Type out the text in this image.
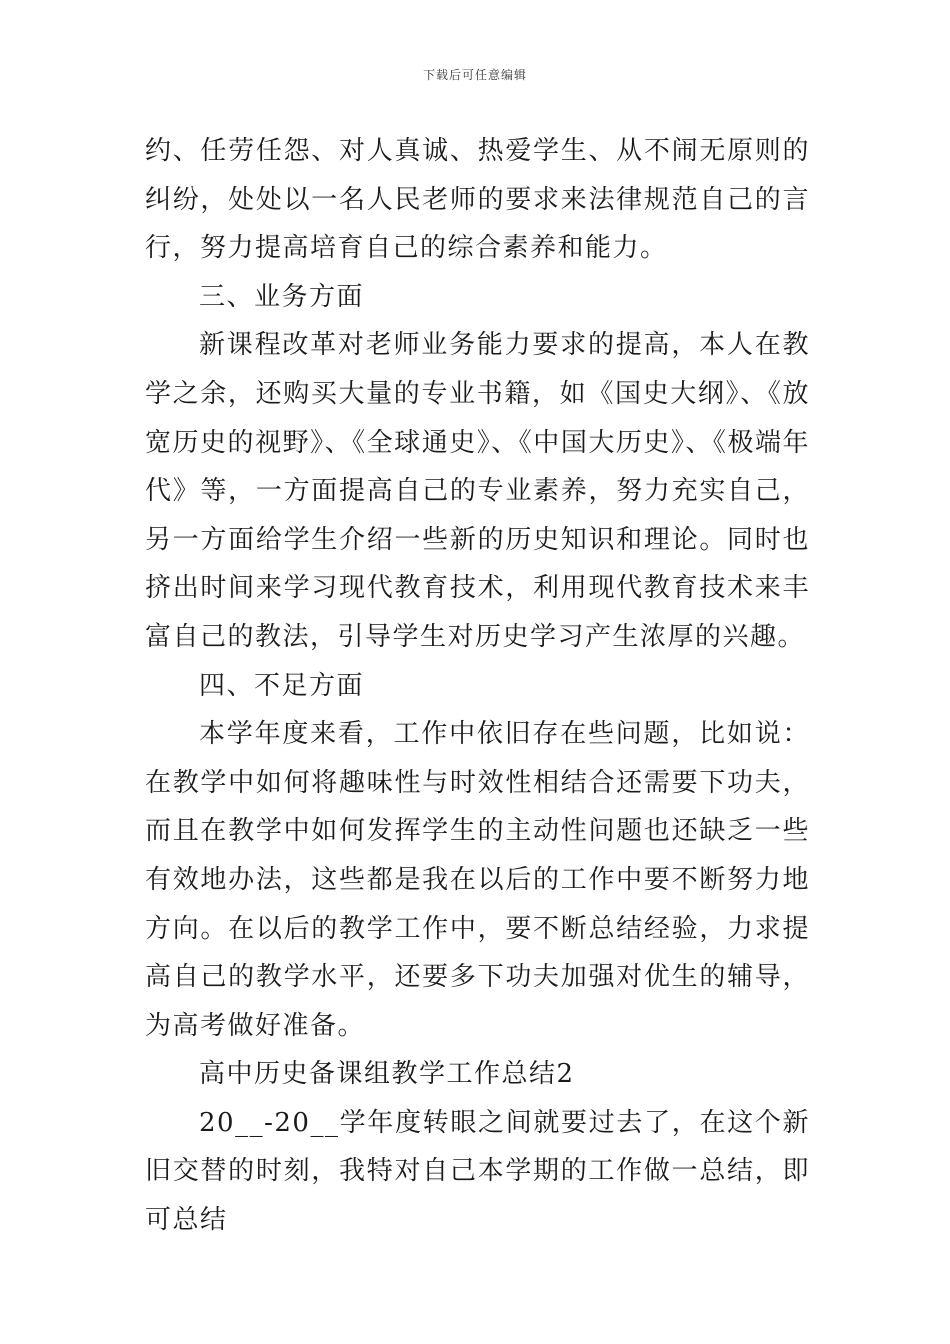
下载后可任意编辑

约、任劳任怨、对人真诚、热爱学生、从不闹无原则的纠纷，处处以一名人民老师的要求来法律规范自己的言行，努力提高培育自己的综合素养和能力。

三、业务方面

新课程改革对老师业务能力要求的提高，本人在教学之余，还购买大量的专业书籍，如《国史大纲》、《放宽历史的视野》、《全球通史》、《中国大历史》、《极端年代》等，一方面提高自己的专业素养，努力充实自己，另一方面给学生介绍一些新的历史知识和理论。同时也挤出时间来学习现代教育技术，利用现代教育技术来丰富自己的教法，引导学生对历史学习产生浓厚的兴趣。

四、不足方面

本学年度来看，工作中依旧存在些问题，比如说：在教学中如何将趣味性与时效性相结合还需要下功夫，而且在教学中如何发挥学生的主动性问题也还缺乏一些有效地办法，这些都是我在以后的工作中要不断努力地方向。在以后的教学工作中，要不断总结经验，力求提高自己的教学水平，还要多下功夫加强对优生的辅导，为高考做好准备。

高中历史备课组教学工作总结2

20__-20__学年度转眼之间就要过去了，在这个新旧交替的时刻，我特对自己本学期的工作做一总结，即可总结
